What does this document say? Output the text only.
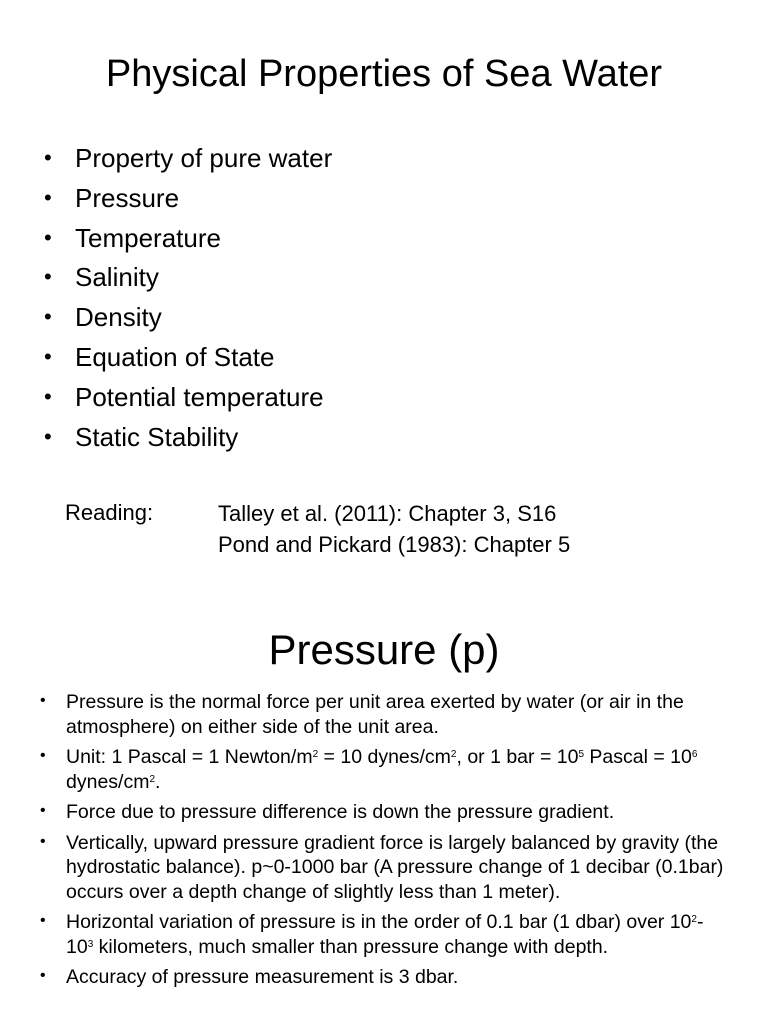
Physical Properties of Sea Water
• Property of pure water
• Pressure
• Temperature
• Salinity
• Density
• Equation of State
• Potential temperature
• Static Stability
Reading:	Talley et al. (2011): Chapter 3, S16
Pond and Pickard (1983): Chapter 5
Pressure (p)
• Pressure is the normal force per unit area exerted by water (or air in the atmosphere) on either side of the unit area.
• Unit: 1 Pascal = 1 Newton/$m^2 = 10$ dynes/$cm^2$, or 1 bar = $10^5$ Pascal = $10^6$ dynes/$cm^2$.
• Force due to pressure difference is down the pressure gradient.
• Vertically, upward pressure gradient force is largely balanced by gravity (the hydrostatic balance). p~0-1000 bar (A pressure change of 1 decibar (0.1bar) occurs over a depth change of slightly less than 1 meter).
• Horizontal variation of pressure is in the order of 0.1 bar (1 dbar) over $10^2-10^3$ kilometers, much smaller than pressure change with depth.
• Accuracy of pressure measurement is 3 dbar.
